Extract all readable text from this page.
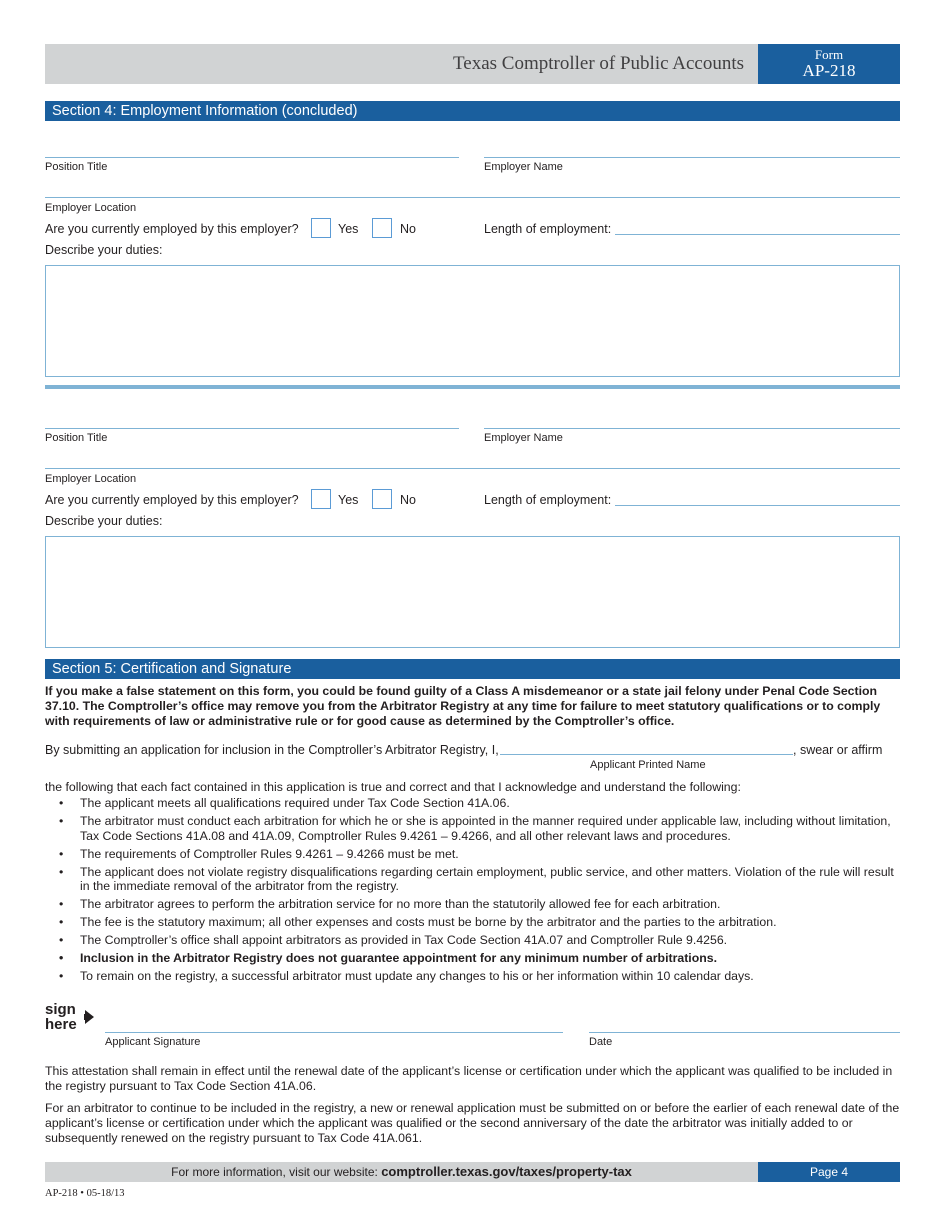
Texas Comptroller of Public Accounts	Form
AP-218
Section 4: Employment Information (concluded)
Position Title	Employer Name
Employer Location
Are you currently employed by this employer?	Yes	No	Length of employment:
Describe your duties:
Position Title	Employer Name
Employer Location
Are you currently employed by this employer?	Yes	No	Length of employment:
Describe your duties:
Section 5: Certification and Signature
If you make a false statement on this form, you could be found guilty of a Class A misdemeanor or a state jail felony under Penal Code Section 37.10. The Comptroller’s office may remove you from the Arbitrator Registry at any time for failure to meet statutory qualifications or to comply with requirements of law or administrative rule or for good cause as determined by the Comptroller’s office.
By submitting an application for inclusion in the Comptroller’s Arbitrator Registry, I,	, swear or affirm
Applicant Printed Name
the following that each fact contained in this application is true and correct and that I acknowledge and understand the following:
• The applicant meets all qualifications required under Tax Code Section 41A.06.
• The arbitrator must conduct each arbitration for which he or she is appointed in the manner required under applicable law, including without limitation, Tax Code Sections 41A.08 and 41A.09, Comptroller Rules 9.4261 – 9.4266, and all other relevant laws and procedures.
• The requirements of Comptroller Rules 9.4261 – 9.4266 must be met.
• The applicant does not violate registry disqualifications regarding certain employment, public service, and other matters. Violation of the rule will result in the immediate removal of the arbitrator from the registry.
• The arbitrator agrees to perform the arbitration service for no more than the statutorily allowed fee for each arbitration.
• The fee is the statutory maximum; all other expenses and costs must be borne by the arbitrator and the parties to the arbitration.
• The Comptroller’s office shall appoint arbitrators as provided in Tax Code Section 41A.07 and Comptroller Rule 9.4256.
• Inclusion in the Arbitrator Registry does not guarantee appointment for any minimum number of arbitrations.
• To remain on the registry, a successful arbitrator must update any changes to his or her information within 10 calendar days.
sign
here
Applicant Signature	Date
This attestation shall remain in effect until the renewal date of the applicant’s license or certification under which the applicant was qualified to be included in the registry pursuant to Tax Code Section 41A.06.
For an arbitrator to continue to be included in the registry, a new or renewal application must be submitted on or before the earlier of each renewal date of the applicant’s license or certification under which the applicant was qualified or the second anniversary of the date the arbitrator was initially added to or subsequently renewed on the registry pursuant to Tax Code 41A.061.
For more information, visit our website: comptroller.texas.gov/taxes/property-tax	Page 4
AP-218 • 05-18/13
